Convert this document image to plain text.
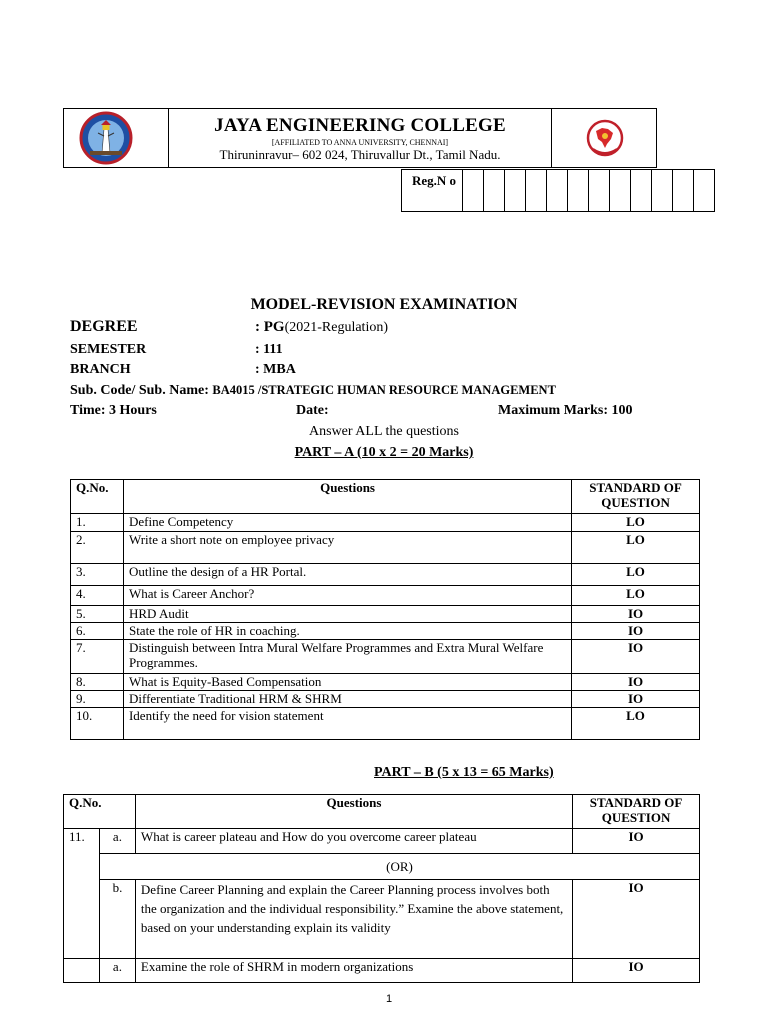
JAYA ENGINEERING COLLEGE
[AFFILIATED TO ANNA UNIVERSITY, CHENNAI]
Thiruninravur– 602 024, Thiruvallur Dt., Tamil Nadu.
Reg.N o												
MODEL-REVISION EXAMINATION
DEGREE	: PG(2021-Regulation)
SEMESTER	: 111
BRANCH	: MBA
Sub. Code/ Sub. Name: BA4015 /STRATEGIC HUMAN RESOURCE MANAGEMENT
Time: 3 Hours	Date:	Maximum Marks: 100
Answer ALL the questions
PART – A (10 x 2 = 20 Marks)
Q.No.	Questions	STANDARD OF QUESTION
1.	Define Competency	LO
2.	Write a short note on employee privacy	LO
3.	Outline the design of a HR Portal.	LO
4.	What is Career Anchor?	LO
5.	HRD Audit	IO
6.	State the role of HR in coaching.	IO
7.	Distinguish between Intra Mural Welfare Programmes and Extra Mural Welfare Programmes.	IO
8.	What is Equity-Based Compensation	IO
9.	Differentiate Traditional HRM & SHRM	IO
10.	Identify the need for vision statement	LO
PART – B (5 x 13 = 65 Marks)
Q.No.		Questions	STANDARD OF QUESTION
11.	a.	What is career plateau and How do you overcome career plateau	IO
	(OR)		
	b.	Define Career Planning and explain the Career Planning process involves both the organization and the individual responsibility.” Examine the above statement, based on your understanding explain its validity	IO
	a.	Examine the role of SHRM in modern organizations	IO
1
